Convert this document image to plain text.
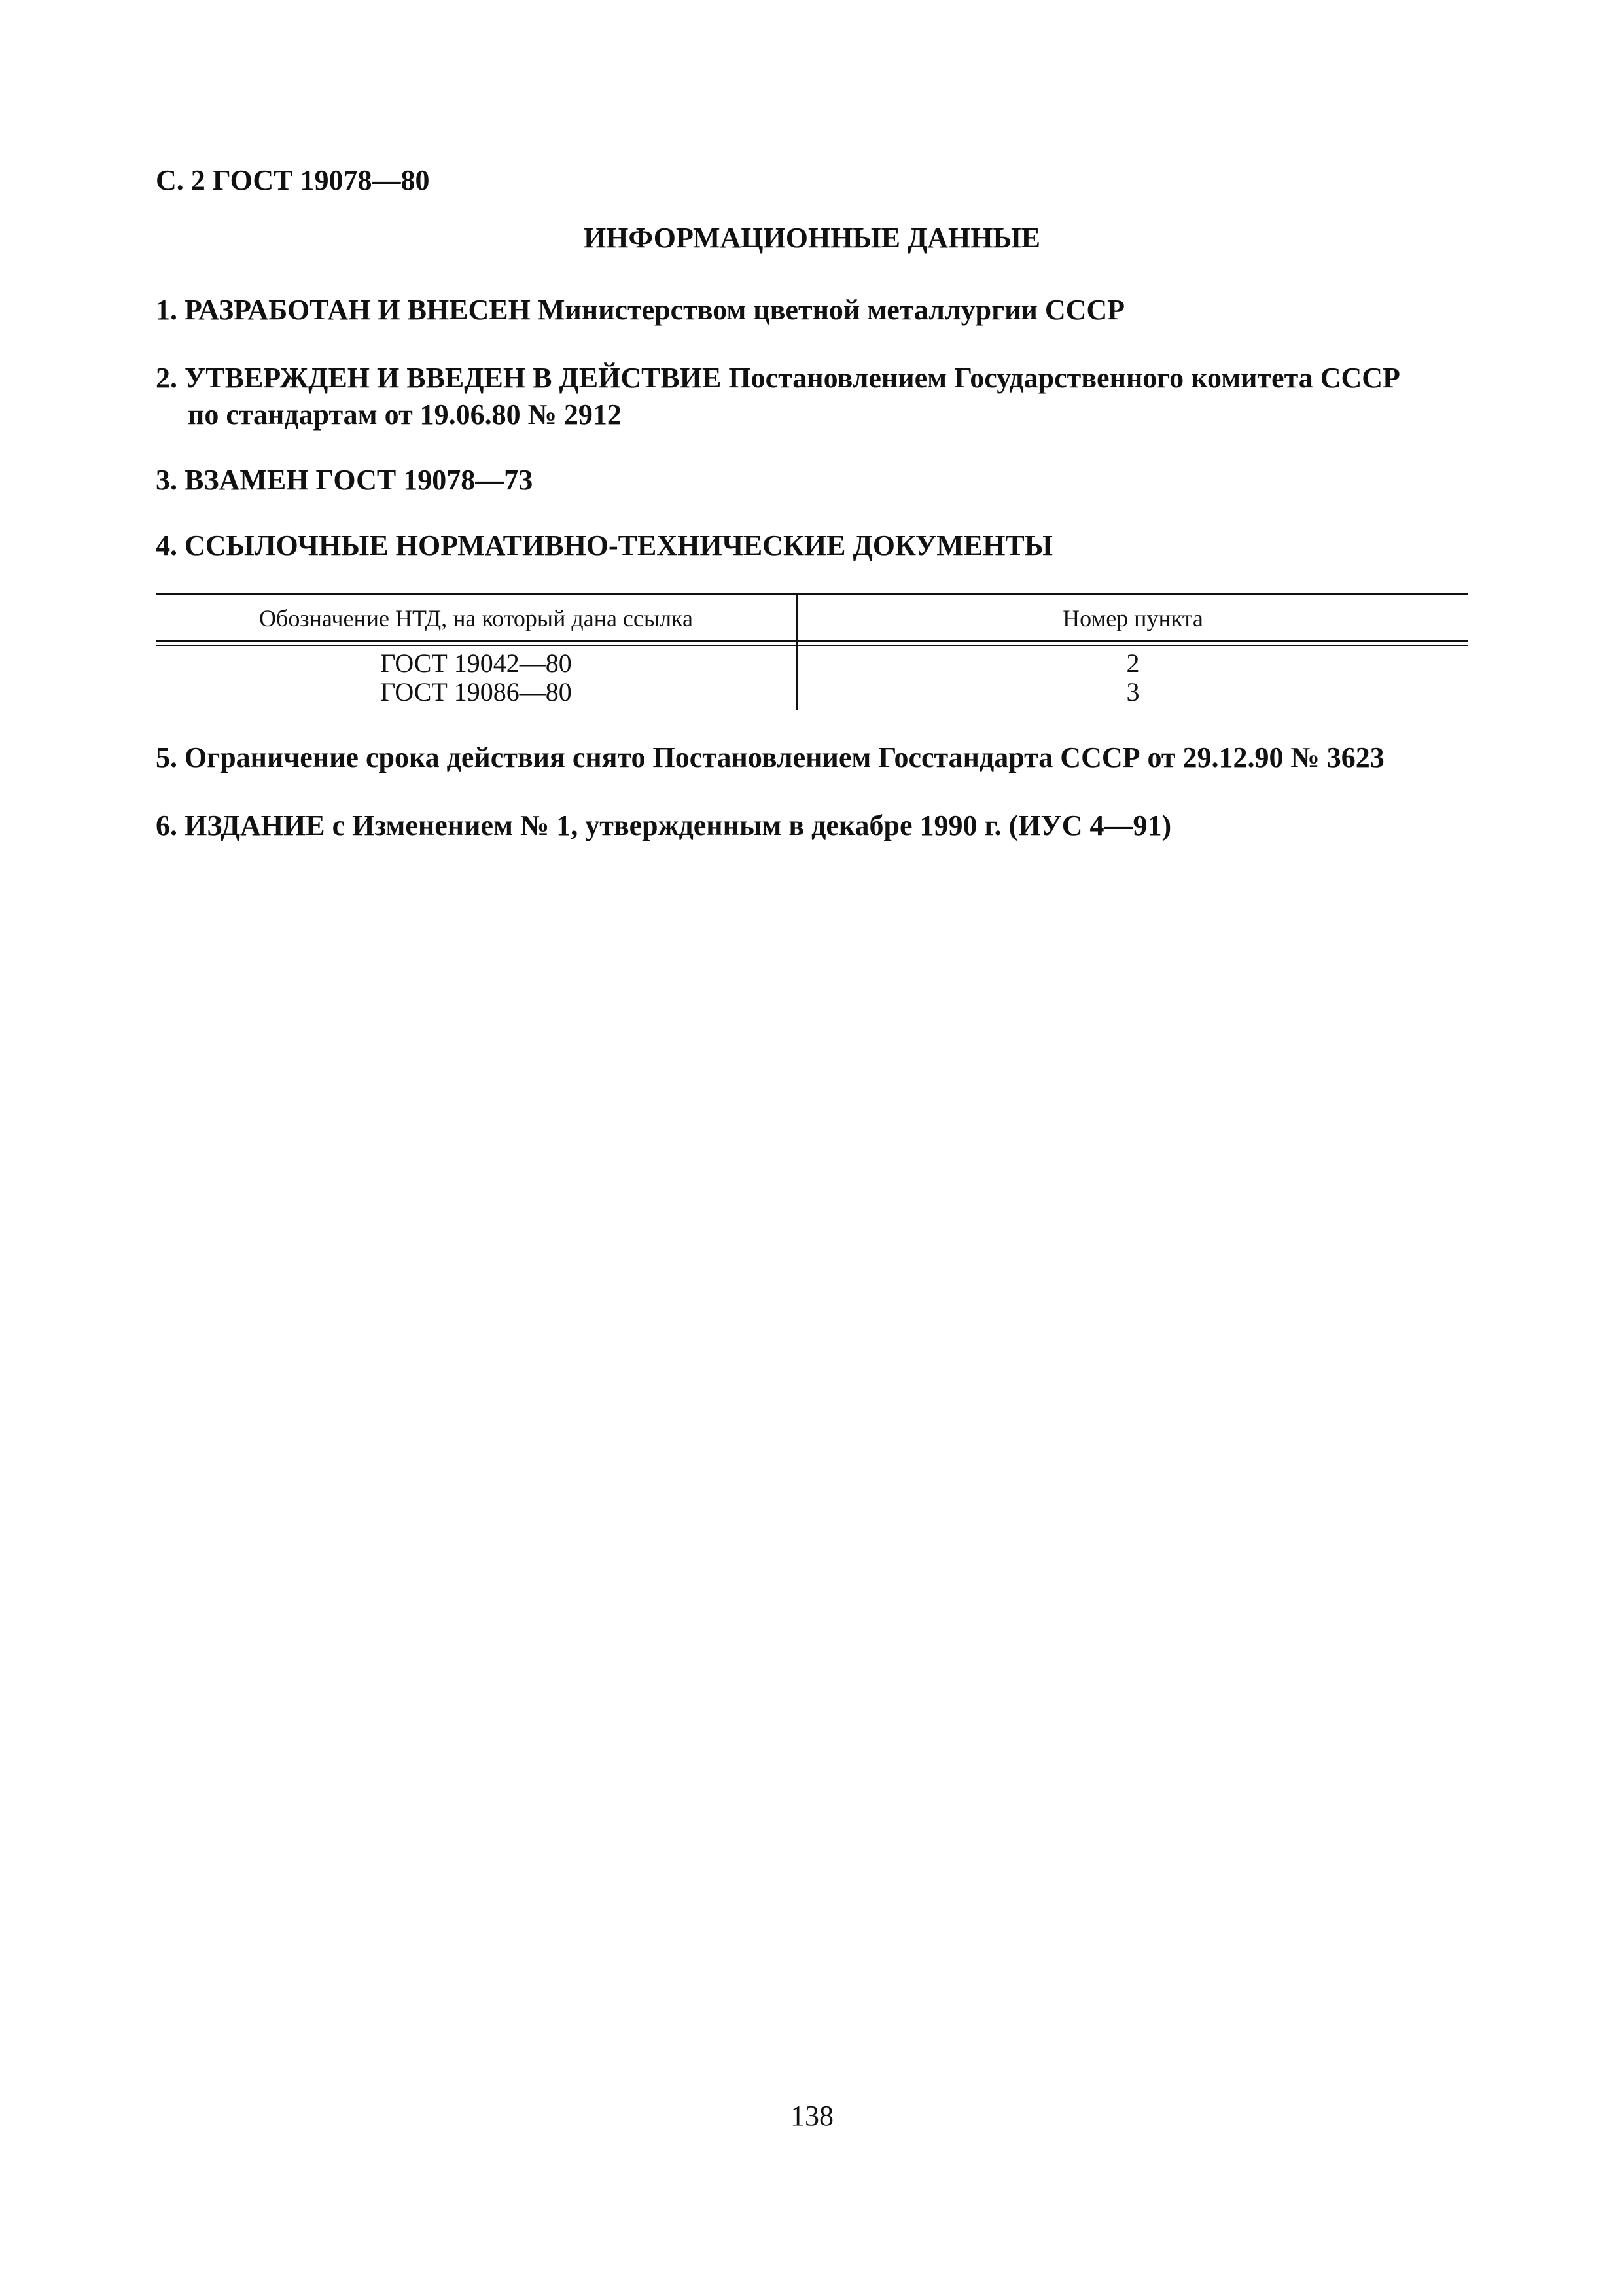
С. 2 ГОСТ 19078—80
ИНФОРМАЦИОННЫЕ ДАННЫЕ
1. РАЗРАБОТАН И ВНЕСЕН Министерством цветной металлургии СССР
2. УТВЕРЖДЕН И ВВЕДЕН В ДЕЙСТВИЕ Постановлением Государственного комитета СССР
по стандартам от 19.06.80 № 2912
3. ВЗАМЕН ГОСТ 19078—73
4. ССЫЛОЧНЫЕ НОРМАТИВНО-ТЕХНИЧЕСКИЕ ДОКУМЕНТЫ
Обозначение НТД, на который дана ссылка	Номер пункта
ГОСТ 19042—80	2
ГОСТ 19086—80	3
5. Ограничение срока действия снято Постановлением Госстандарта СССР от 29.12.90 № 3623
6. ИЗДАНИЕ с Изменением № 1, утвержденным в декабре 1990 г. (ИУС 4—91)
138
